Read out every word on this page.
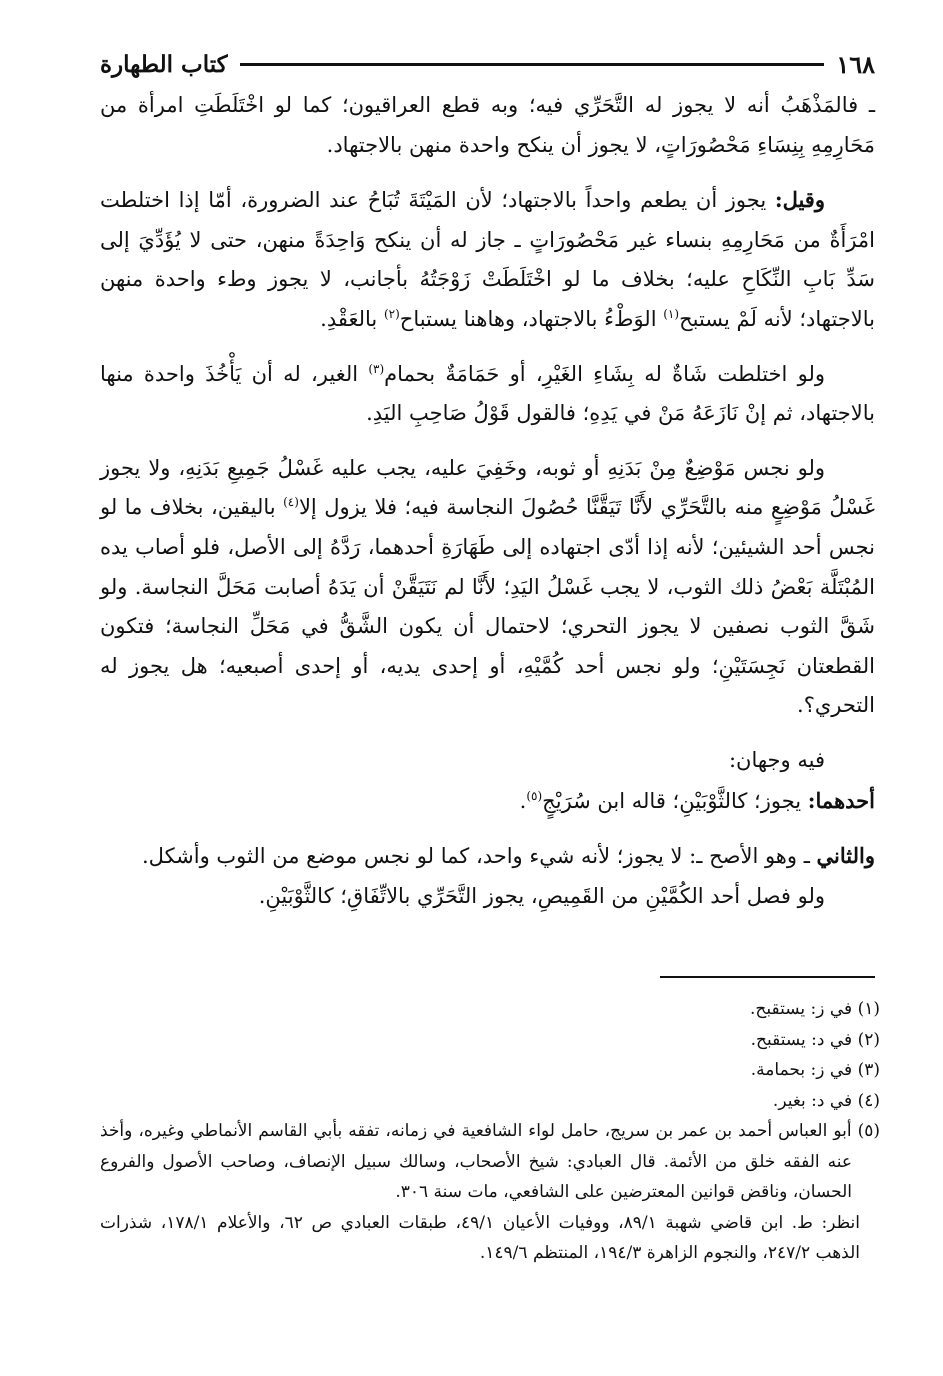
١٦٨
كتاب الطهارة

ـ فالمَذْهَبُ أنه لا يجوز له التَّحَرِّي فيه؛ وبه قطع العراقيون؛ كما لو اخْتَلَطَتِ امرأة من مَحَارِمِهِ بِنِسَاءِ مَحْصُورَاتٍ، لا يجوز أن ينكح واحدة منهن بالاجتهاد.

وقيل: يجوز أن يطعم واحداً بالاجتهاد؛ لأن المَيْتَةَ تُبَاحُ عند الضرورة، أمّا إذا اختلطت امْرَأَةٌ من مَحَارِمِهِ بنساء غير مَحْصُورَاتٍ ـ جاز له أن ينكح وَاحِدَةً منهن، حتى لا يُؤَدِّيَ إلى سَدِّ بَابِ النِّكَاحِ عليه؛ بخلاف ما لو اخْتَلَطَتْ زَوْجَتُهُ بأجانب، لا يجوز وطء واحدة منهن بالاجتهاد؛ لأنه لَمْ يستبح$^{(١)}$ الوَطْءُ بالاجتهاد، وهاهنا يستباح$^{(٢)}$ بالعَقْدِ.

ولو اختلطت شَاةٌ له بِشَاءِ الغَيْرِ، أو حَمَامَةٌ بحمام$^{(٣)}$ الغير، له أن يَأْخُذَ واحدة منها بالاجتهاد، ثم إنْ نَازَعَهُ مَنْ في يَدِهِ؛ فالقول قَوْلُ صَاحِبِ اليَدِ.

ولو نجس مَوْضِعٌ مِنْ بَدَنِهِ أو ثوبه، وخَفِيَ عليه، يجب عليه غَسْلُ جَمِيعِ بَدَنِهِ، ولا يجوز غَسْلُ مَوْضِعٍ منه بالتَّحَرِّي لأَنَّا تَيَقَّنَّا حُصُولَ النجاسة فيه؛ فلا يزول إلا$^{(٤)}$ باليقين، بخلاف ما لو نجس أحد الشيئين؛ لأنه إذا أدّى اجتهاده إلى طَهَارَةِ أحدهما، رَدَّهُ إلى الأصل، فلو أصاب يده المُبْتَلَّة بَعْضُ ذلك الثوب، لا يجب غَسْلُ اليَدِ؛ لأَنَّا لم نَتَيَقَّنْ أن يَدَهُ أصابت مَحَلَّ النجاسة. ولو شَقَّ الثوب نصفين لا يجوز التحري؛ لاحتمال أن يكون الشَّقُّ في مَحَلِّ النجاسة؛ فتكون القطعتان نَجِسَتَيْنِ؛ ولو نجس أحد كُمَّيْهِ، أو إحدى يديه، أو إحدى أصبعيه؛ هل يجوز له التحري؟.

فيه وجهان:

أحدهما: يجوز؛ كالثَّوْبَيْنِ؛ قاله ابن سُرَيْجٍ$^{(٥)}$.

والثاني ـ وهو الأصح ـ: لا يجوز؛ لأنه شيء واحد، كما لو نجس موضع من الثوب وأشكل.

ولو فصل أحد الكُمَّيْنِ من القَمِيصِ، يجوز التَّحَرِّي بالاتِّفَاقِ؛ كالثَّوْبَيْنِ.

(١) في ز: يستقبح.

(٢) في د: يستقبح.

(٣) في ز: بحمامة.

(٤) في د: بغير.

(٥) أبو العباس أحمد بن عمر بن سريج، حامل لواء الشافعية في زمانه، تفقه بأبي القاسم الأنماطي وغيره، وأخذ عنه الفقه خلق من الأئمة. قال العبادي: شيخ الأصحاب، وسالك سبيل الإنصاف، وصاحب الأصول والفروع الحسان، وناقض قوانين المعترضين على الشافعي، مات سنة ٣٠٦.

انظر: ط. ابن قاضي شهبة ٨٩/١، ووفيات الأعيان ٤٩/١، طبقات العبادي ص ٦٢، والأعلام ١٧٨/١، شذرات الذهب ٢٤٧/٢، والنجوم الزاهرة ١٩٤/٣، المنتظم ١٤٩/٦.
